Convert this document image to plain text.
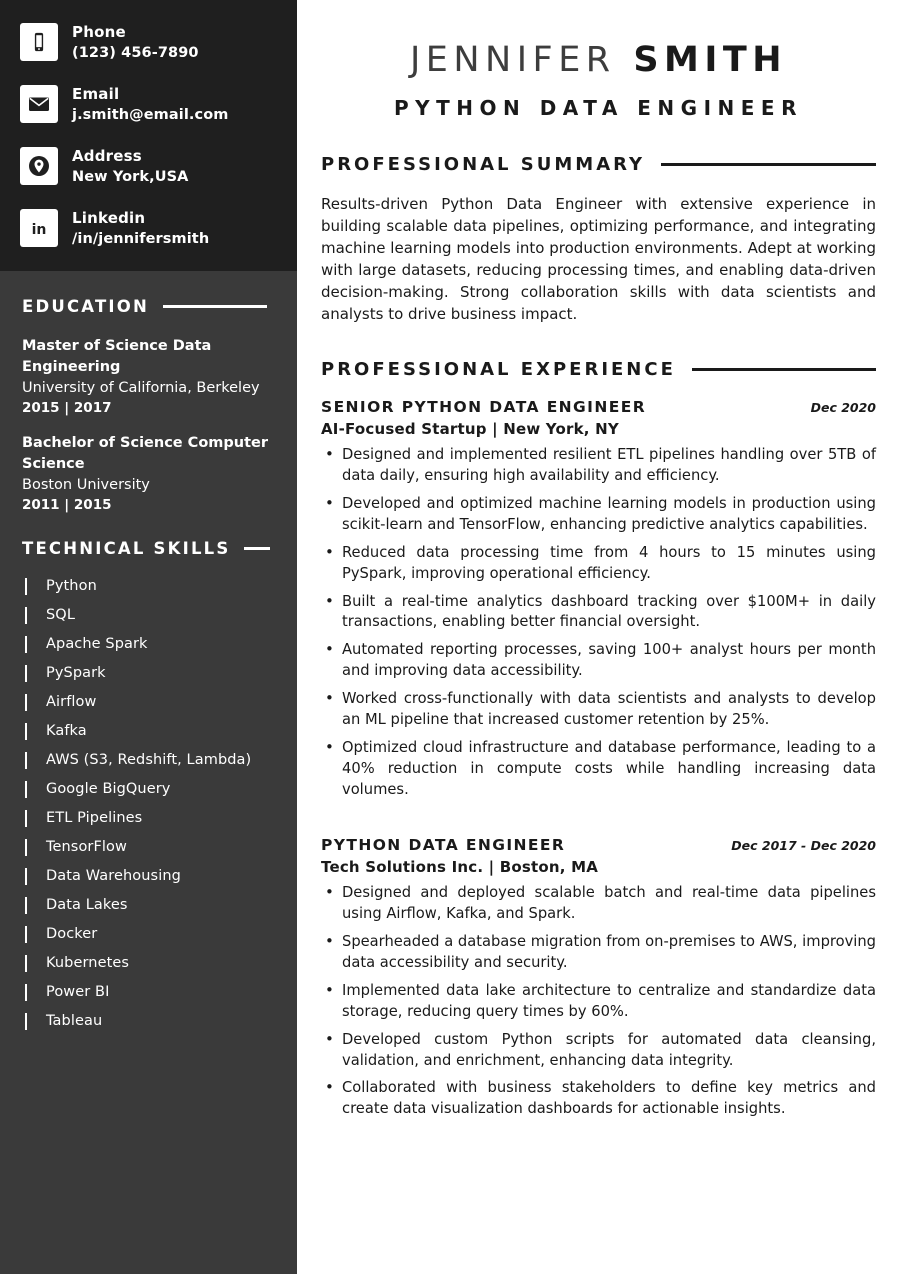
Phone
(123) 456-7890
Email
j.smith@email.com
Address
New York,USA
in
Linkedin
/in/jennifersmith
EDUCATION
Master of Science Data Engineering
University of California, Berkeley
2015 | 2017
Bachelor of Science Computer Science
Boston University
2011 | 2015
TECHNICAL SKILLS
Python
SQL
Apache Spark
PySpark
Airflow
Kafka
AWS (S3, Redshift, Lambda)
Google BigQuery
ETL Pipelines
TensorFlow
Data Warehousing
Data Lakes
Docker
Kubernetes
Power BI
Tableau
JENNIFER SMITH
PYTHON DATA ENGINEER
PROFESSIONAL SUMMARY

Results-driven Python Data Engineer with extensive experience in building scalable data pipelines, optimizing performance, and integrating machine learning models into production environments. Adept at working with large datasets, reducing processing times, and enabling data-driven decision-making. Strong collaboration skills with data scientists and analysts to drive business impact.

PROFESSIONAL EXPERIENCE
SENIOR PYTHON DATA ENGINEER	Dec 2020
AI-Focused Startup | New York, NY
• Designed and implemented resilient ETL pipelines handling over 5TB of data daily, ensuring high availability and efficiency.
• Developed and optimized machine learning models in production using scikit-learn and TensorFlow, enhancing predictive analytics capabilities.
• Reduced data processing time from 4 hours to 15 minutes using PySpark, improving operational efficiency.
• Built a real-time analytics dashboard tracking over $100M+ in daily transactions, enabling better financial oversight.
• Automated reporting processes, saving 100+ analyst hours per month and improving data accessibility.
• Worked cross-functionally with data scientists and analysts to develop an ML pipeline that increased customer retention by 25%.
• Optimized cloud infrastructure and database performance, leading to a 40% reduction in compute costs while handling increasing data volumes.
PYTHON DATA ENGINEER	Dec 2017 - Dec 2020
Tech Solutions Inc. | Boston, MA
• Designed and deployed scalable batch and real-time data pipelines using Airflow, Kafka, and Spark.
• Spearheaded a database migration from on-premises to AWS, improving data accessibility and security.
• Implemented data lake architecture to centralize and standardize data storage, reducing query times by 60%.
• Developed custom Python scripts for automated data cleansing, validation, and enrichment, enhancing data integrity.
• Collaborated with business stakeholders to define key metrics and create data visualization dashboards for actionable insights.
